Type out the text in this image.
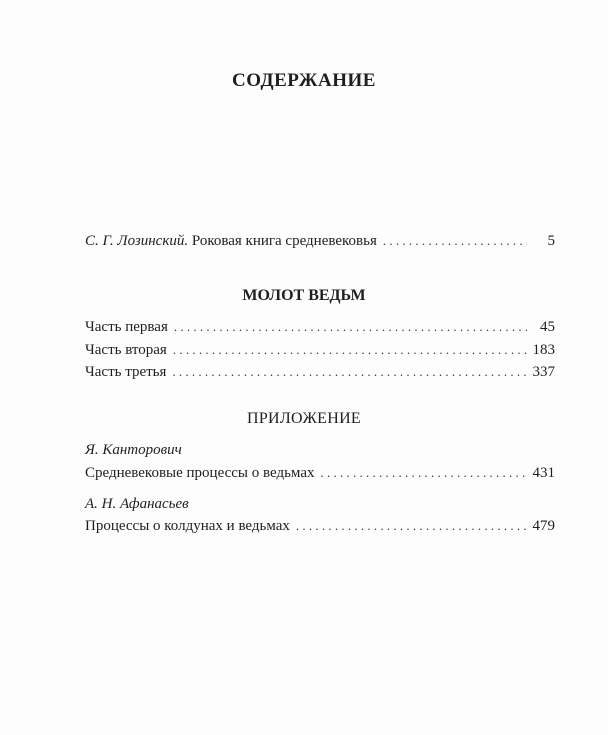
СОДЕРЖАНИЕ
С. Г. Лозинский. Роковая книга средневековья . . .	5
МОЛОТ ВЕДЬМ
Часть первая . . .	45
Часть вторая . . .	183
Часть третья . . .	337
ПРИЛОЖЕНИЕ
Я. Канторович
Средневековые процессы о ведьмах . . .	431
А. Н. Афанасьев
Процессы о колдунах и ведьмах . . .	479
